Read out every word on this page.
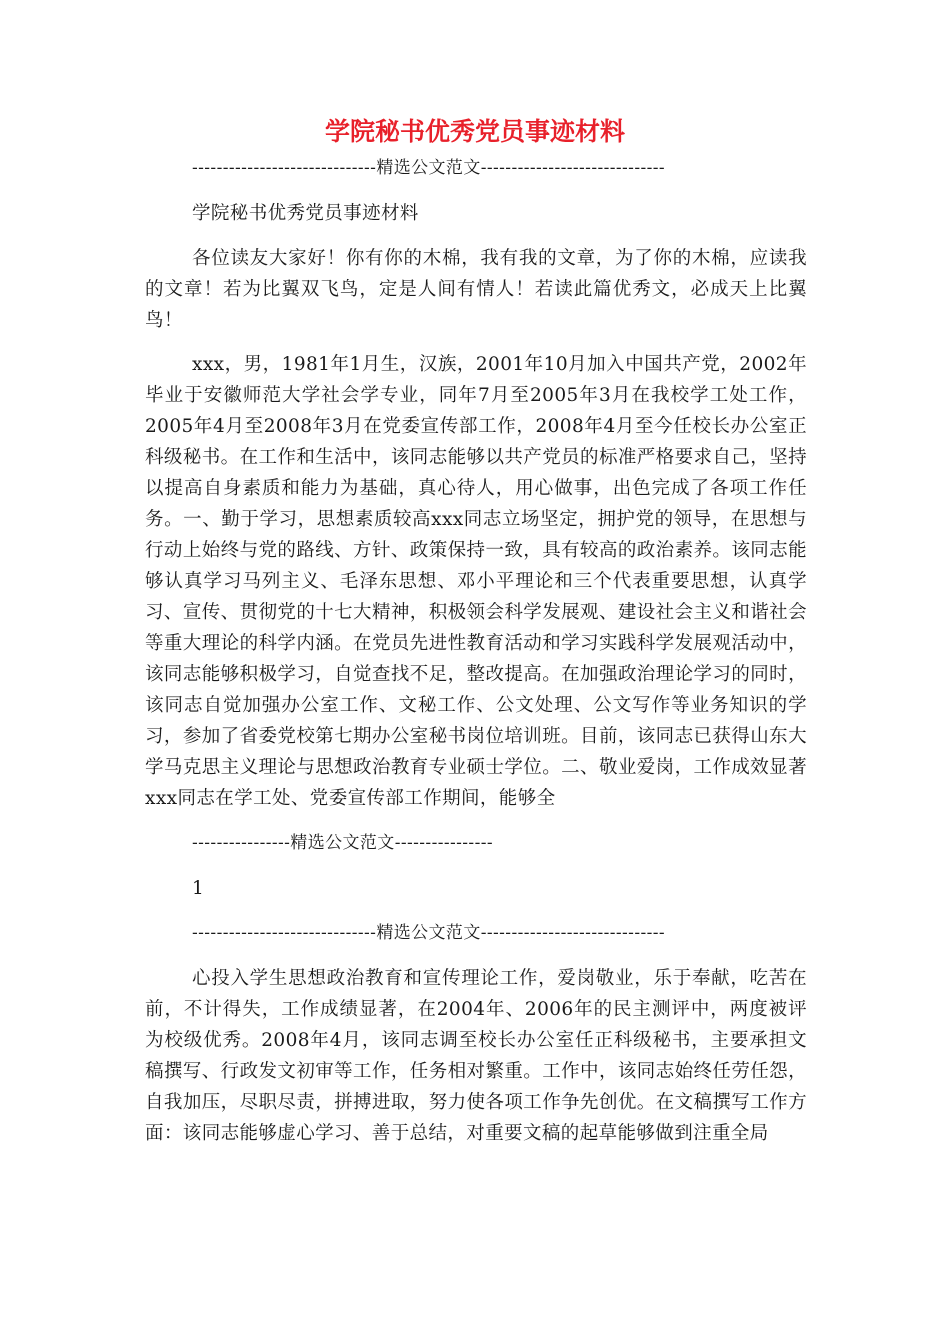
学院秘书优秀党员事迹材料

------------------------------精选公文范文------------------------------

学院秘书优秀党员事迹材料

各位读友大家好！你有你的木棉，我有我的文章，为了你的木棉，应读我的文章！若为比翼双飞鸟，定是人间有情人！若读此篇优秀文，必成天上比翼鸟！

xxx，男，1981年1月生，汉族，2001年10月加入中国共产党，2002年毕业于安徽师范大学社会学专业，同年7月至2005年3月在我校学工处工作，2005年4月至2008年3月在党委宣传部工作，2008年4月至今任校长办公室正科级秘书。在工作和生活中，该同志能够以共产党员的标准严格要求自己，坚持以提高自身素质和能力为基础，真心待人，用心做事，出色完成了各项工作任务。一、勤于学习，思想素质较高xxx同志立场坚定，拥护党的领导，在思想与行动上始终与党的路线、方针、政策保持一致，具有较高的政治素养。该同志能够认真学习马列主义、毛泽东思想、邓小平理论和三个代表重要思想，认真学习、宣传、贯彻党的十七大精神，积极领会科学发展观、建设社会主义和谐社会等重大理论的科学内涵。在党员先进性教育活动和学习实践科学发展观活动中，该同志能够积极学习，自觉查找不足，整改提高。在加强政治理论学习的同时，该同志自觉加强办公室工作、文秘工作、公文处理、公文写作等业务知识的学习，参加了省委党校第七期办公室秘书岗位培训班。目前，该同志已获得山东大学马克思主义理论与思想政治教育专业硕士学位。二、敬业爱岗，工作成效显著xxx同志在学工处、党委宣传部工作期间，能够全

----------------精选公文范文----------------

1

------------------------------精选公文范文------------------------------

心投入学生思想政治教育和宣传理论工作，爱岗敬业，乐于奉献，吃苦在前，不计得失，工作成绩显著，在2004年、2006年的民主测评中，两度被评为校级优秀。2008年4月，该同志调至校长办公室任正科级秘书，主要承担文稿撰写、行政发文初审等工作，任务相对繁重。工作中，该同志始终任劳任怨，自我加压，尽职尽责，拼搏进取，努力使各项工作争先创优。在文稿撰写工作方面：该同志能够虚心学习、善于总结，对重要文稿的起草能够做到注重全局
